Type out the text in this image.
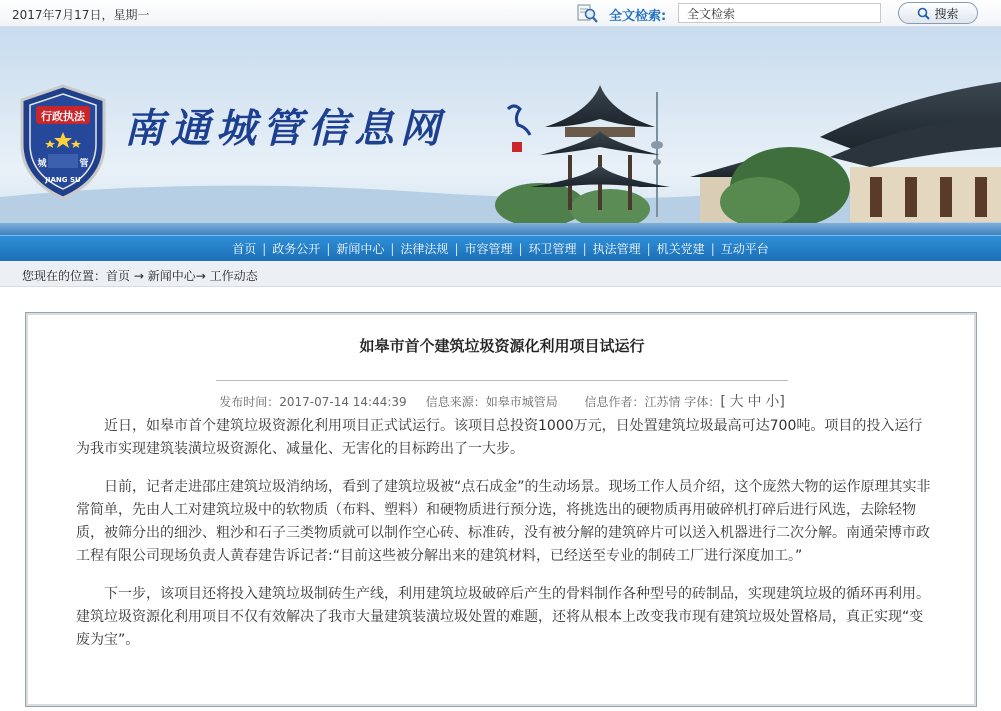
2017年7月17日，星期一	全文检索:
全文检索	搜索
行政执法
城	管
JIANG SU
南通城管信息网
首页 | 政务公开 | 新闻中心 | 法律法规 | 市容管理 | 环卫管理 | 执法管理 | 机关党建 | 互动平台
您现在的位置：首页 → 新闻中心→ 工作动态
如皋市首个建筑垃圾资源化利用项目试运行
发布时间：2017-07-14 14:44:39 信息来源：如皋市城管局 信息作者：江苏情 字体：[ 大 中 小]

近日，如皋市首个建筑垃圾资源化利用项目正式试运行。该项目总投资1000万元，日处置建筑垃圾最高可达700吨。项目的投入运行为我市实现建筑装潢垃圾资源化、减量化、无害化的目标跨出了一大步。

日前，记者走进邵庄建筑垃圾消纳场，看到了建筑垃圾被“点石成金”的生动场景。现场工作人员介绍，这个庞然大物的运作原理其实非常简单，先由人工对建筑垃圾中的软物质（布料、塑料）和硬物质进行预分选，将挑选出的硬物质再用破碎机打碎后进行风选，去除轻物质，被筛分出的细沙、粗沙和石子三类物质就可以制作空心砖、标准砖，没有被分解的建筑碎片可以送入机器进行二次分解。南通荣博市政工程有限公司现场负责人黄春建告诉记者:“目前这些被分解出来的建筑材料，已经送至专业的制砖工厂进行深度加工。”

下一步，该项目还将投入建筑垃圾制砖生产线，利用建筑垃圾破碎后产生的骨料制作各种型号的砖制品，实现建筑垃圾的循环再利用。建筑垃圾资源化利用项目不仅有效解决了我市大量建筑装潢垃圾处置的难题，还将从根本上改变我市现有建筑垃圾处置格局，真正实现“变废为宝”。
